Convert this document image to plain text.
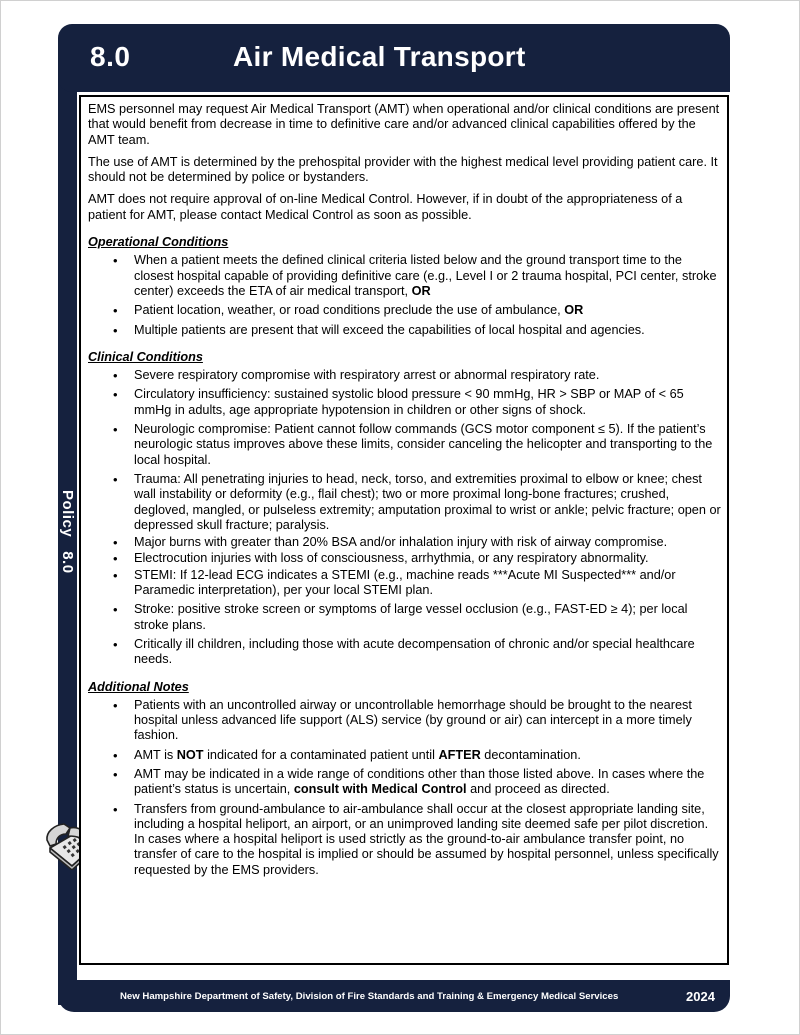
8.0	Air Medical Transport
Policy8.0

EMS personnel may request Air Medical Transport (AMT) when operational and/or clinical conditions are present that would benefit from decrease in time to definitive care and/or advanced clinical capabilities offered by the AMT team.

The use of AMT is determined by the prehospital provider with the highest medical level providing patient care. It should not be determined by police or bystanders.

AMT does not require approval of on-line Medical Control. However, if in doubt of the appropriateness of a patient for AMT, please contact Medical Control as soon as possible.

Operational Conditions
• When a patient meets the defined clinical criteria listed below and the ground transport time to the closest hospital capable of providing definitive care (e.g., Level I or 2 trauma hospital, PCI center, stroke center) exceeds the ETA of air medical transport, OR
• Patient location, weather, or road conditions preclude the use of ambulance, OR
• Multiple patients are present that will exceed the capabilities of local hospital and agencies.
Clinical Conditions
• Severe respiratory compromise with respiratory arrest or abnormal respiratory rate.
• Circulatory insufficiency: sustained systolic blood pressure < 90 mmHg, HR > SBP or MAP of < 65 mmHg in adults, age appropriate hypotension in children or other signs of shock.
• Neurologic compromise: Patient cannot follow commands (GCS motor component ≤ 5). If the patient’s neurologic status improves above these limits, consider canceling the helicopter and transporting to the local hospital.
• Trauma: All penetrating injuries to head, neck, torso, and extremities proximal to elbow or knee; chest wall instability or deformity (e.g., flail chest); two or more proximal long-bone fractures; crushed, degloved, mangled, or pulseless extremity; amputation proximal to wrist or ankle; pelvic fracture; open or depressed skull fracture; paralysis.
• Major burns with greater than 20% BSA and/or inhalation injury with risk of airway compromise.
• Electrocution injuries with loss of consciousness, arrhythmia, or any respiratory abnormality.
• STEMI: If 12-lead ECG indicates a STEMI (e.g., machine reads ***Acute MI Suspected*** and/or Paramedic interpretation), per your local STEMI plan.
• Stroke: positive stroke screen or symptoms of large vessel occlusion (e.g., FAST-ED ≥ 4); per local stroke plans.
• Critically ill children, including those with acute decompensation of chronic and/or special healthcare needs.
Additional Notes
• Patients with an uncontrolled airway or uncontrollable hemorrhage should be brought to the nearest hospital unless advanced life support (ALS) service (by ground or air) can intercept in a more timely fashion.
• AMT is NOT indicated for a contaminated patient until AFTER decontamination.
• AMT may be indicated in a wide range of conditions other than those listed above. In cases where the patient’s status is uncertain, consult with Medical Control and proceed as directed.
• Transfers from ground-ambulance to air-ambulance shall occur at the closest appropriate landing site, including a hospital heliport, an airport, or an unimproved landing site deemed safe per pilot discretion. In cases where a hospital heliport is used strictly as the ground-to-air ambulance transfer point, no transfer of care to the hospital is implied or should be assumed by hospital personnel, unless specifically requested by the EMS providers.
New Hampshire Department of Safety, Division of Fire Standards and Training & Emergency Medical Services	2024
